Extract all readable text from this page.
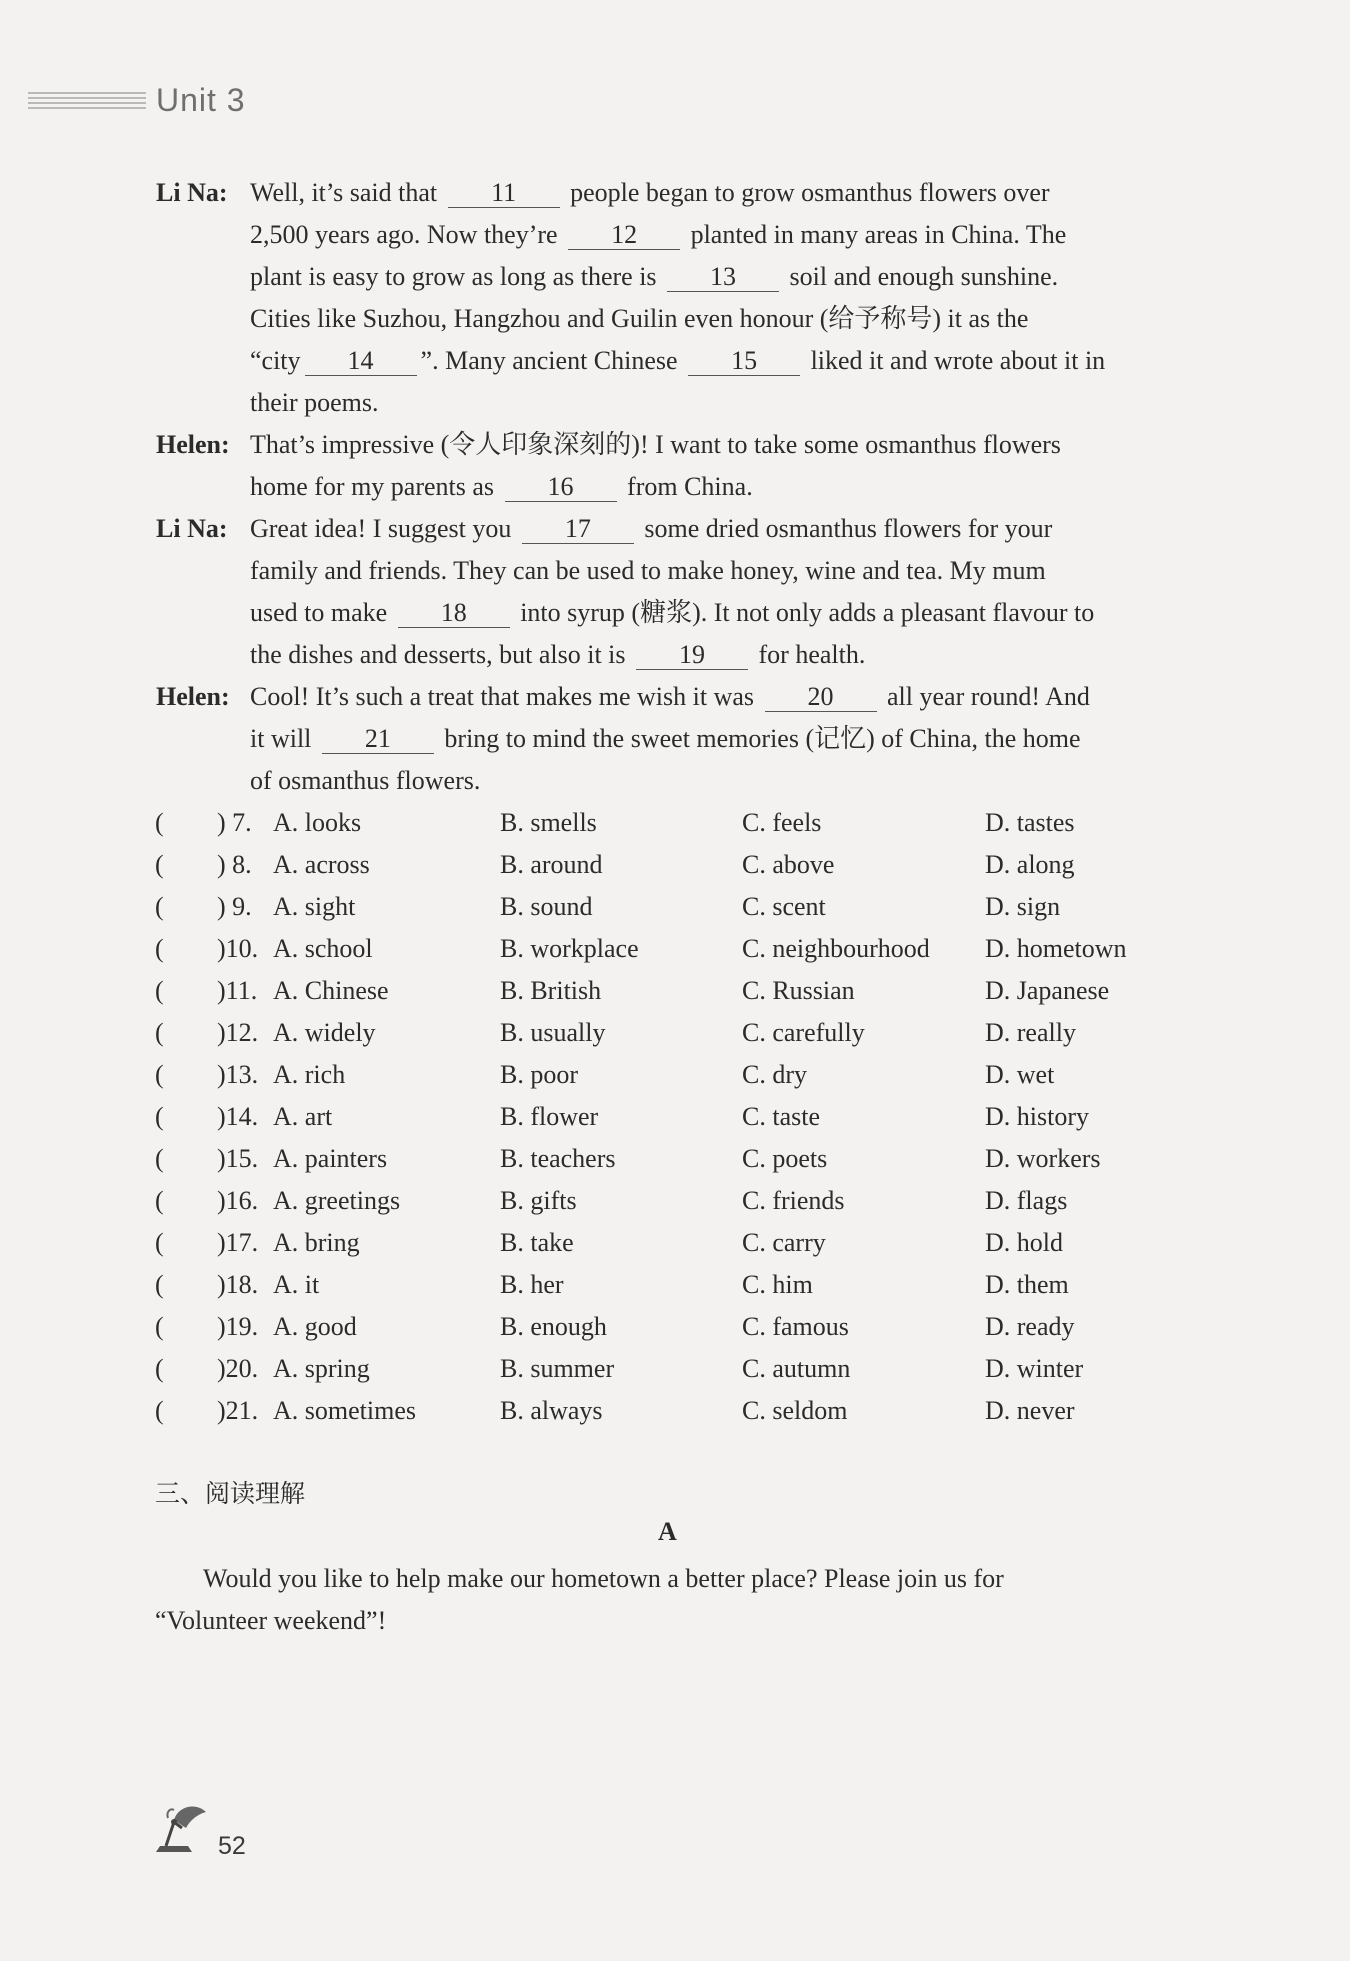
Unit 3
Li Na: Well, it’s said that 11 people began to grow osmanthus flowers over
2,500 years ago. Now they’re 12 planted in many areas in China. The
plant is easy to grow as long as there is 13 soil and enough sunshine.
Cities like Suzhou, Hangzhou and Guilin even honour (给予称号) it as the
“city 14 ”. Many ancient Chinese 15 liked it and wrote about it in
their poems.
Helen: That’s impressive (令人印象深刻的)! I want to take some osmanthus flowers
home for my parents as 16 from China.
Li Na: Great idea! I suggest you 17 some dried osmanthus flowers for your
family and friends. They can be used to make honey, wine and tea. My mum
used to make 18 into syrup (糖浆). It not only adds a pleasant flavour to
the dishes and desserts, but also it is 19 for health.
Helen: Cool! It’s such a treat that makes me wish it was 20 all year round! And
it will 21 bring to mind the sweet memories (记忆) of China, the home
of osmanthus flowers.
( ) 7. A. looks	B. smells	C. feels	D. tastes
( ) 8. A. across	B. around	C. above	D. along
( ) 9. A. sight	B. sound	C. scent	D. sign
( )10. A. school	B. workplace	C. neighbourhood D. hometown
( )11. A. Chinese	B. British	C. Russian	D. Japanese
( )12. A. widely	B. usually	C. carefully	D. really
( )13. A. rich	B. poor	C. dry	D. wet
( )14. A. art	B. flower	C. taste	D. history
( )15. A. painters	B. teachers	C. poets	D. workers
( )16. A. greetings	B. gifts	C. friends	D. flags
( )17. A. bring	B. take	C. carry	D. hold
( )18. A. it	B. her	C. him	D. them
( )19. A. good	B. enough	C. famous	D. ready
( )20. A. spring	B. summer	C. autumn	D. winter
( )21. A. sometimes	B. always	C. seldom	D. never
三、阅读理解
A
Would you like to help make our hometown a better place? Please join us for “Volunteer weekend”!
52
